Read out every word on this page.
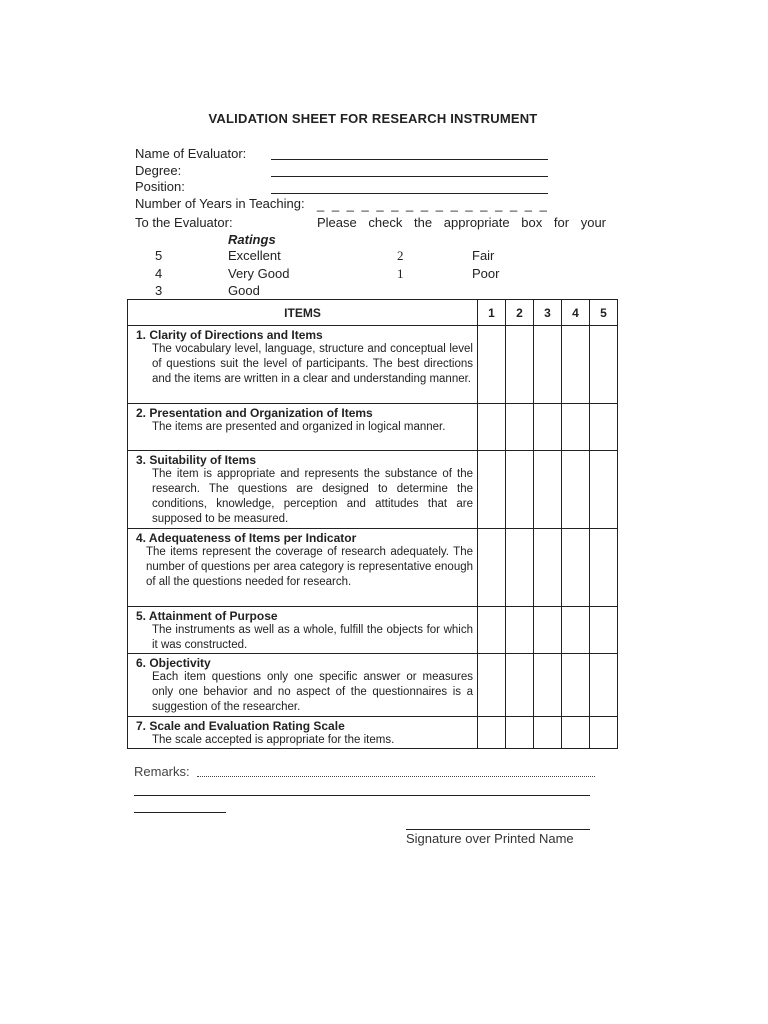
VALIDATION SHEET FOR RESEARCH INSTRUMENT
Name of Evaluator:
Degree:
Position:
Number of Years in Teaching: _ _ _ _ _ _ _ _ _ _ _ _ _ _ _ _
To the Evaluator:	Please check the appropriate box for your
Ratings
5	Excellent
4	Very Good
3	Good
2	Fair
1	Poor
ITEMS	1	2	3	4	5

1. Clarity of Directions and Items
The vocabulary level, language, structure and conceptual level of questions suit the level of participants. The best directions and the items are written in a clear and understanding manner.					

2. Presentation and Organization of Items
The items are presented and organized in logical manner.					

3. Suitability of Items
The item is appropriate and represents the substance of the research. The questions are designed to determine the conditions, knowledge, perception and attitudes that are supposed to be measured.					

4. Adequateness of Items per Indicator
The items represent the coverage of research adequately. The number of questions per area category is representative enough of all the questions needed for research.					

5. Attainment of Purpose
The instruments as well as a whole, fulfill the objects for which it was constructed.					

6. Objectivity
Each item questions only one specific answer or measures only one behavior and no aspect of the questionnaires is a suggestion of the researcher.					

7. Scale and Evaluation Rating Scale
The scale accepted is appropriate for the items.					

Remarks:
Signature over Printed Name
